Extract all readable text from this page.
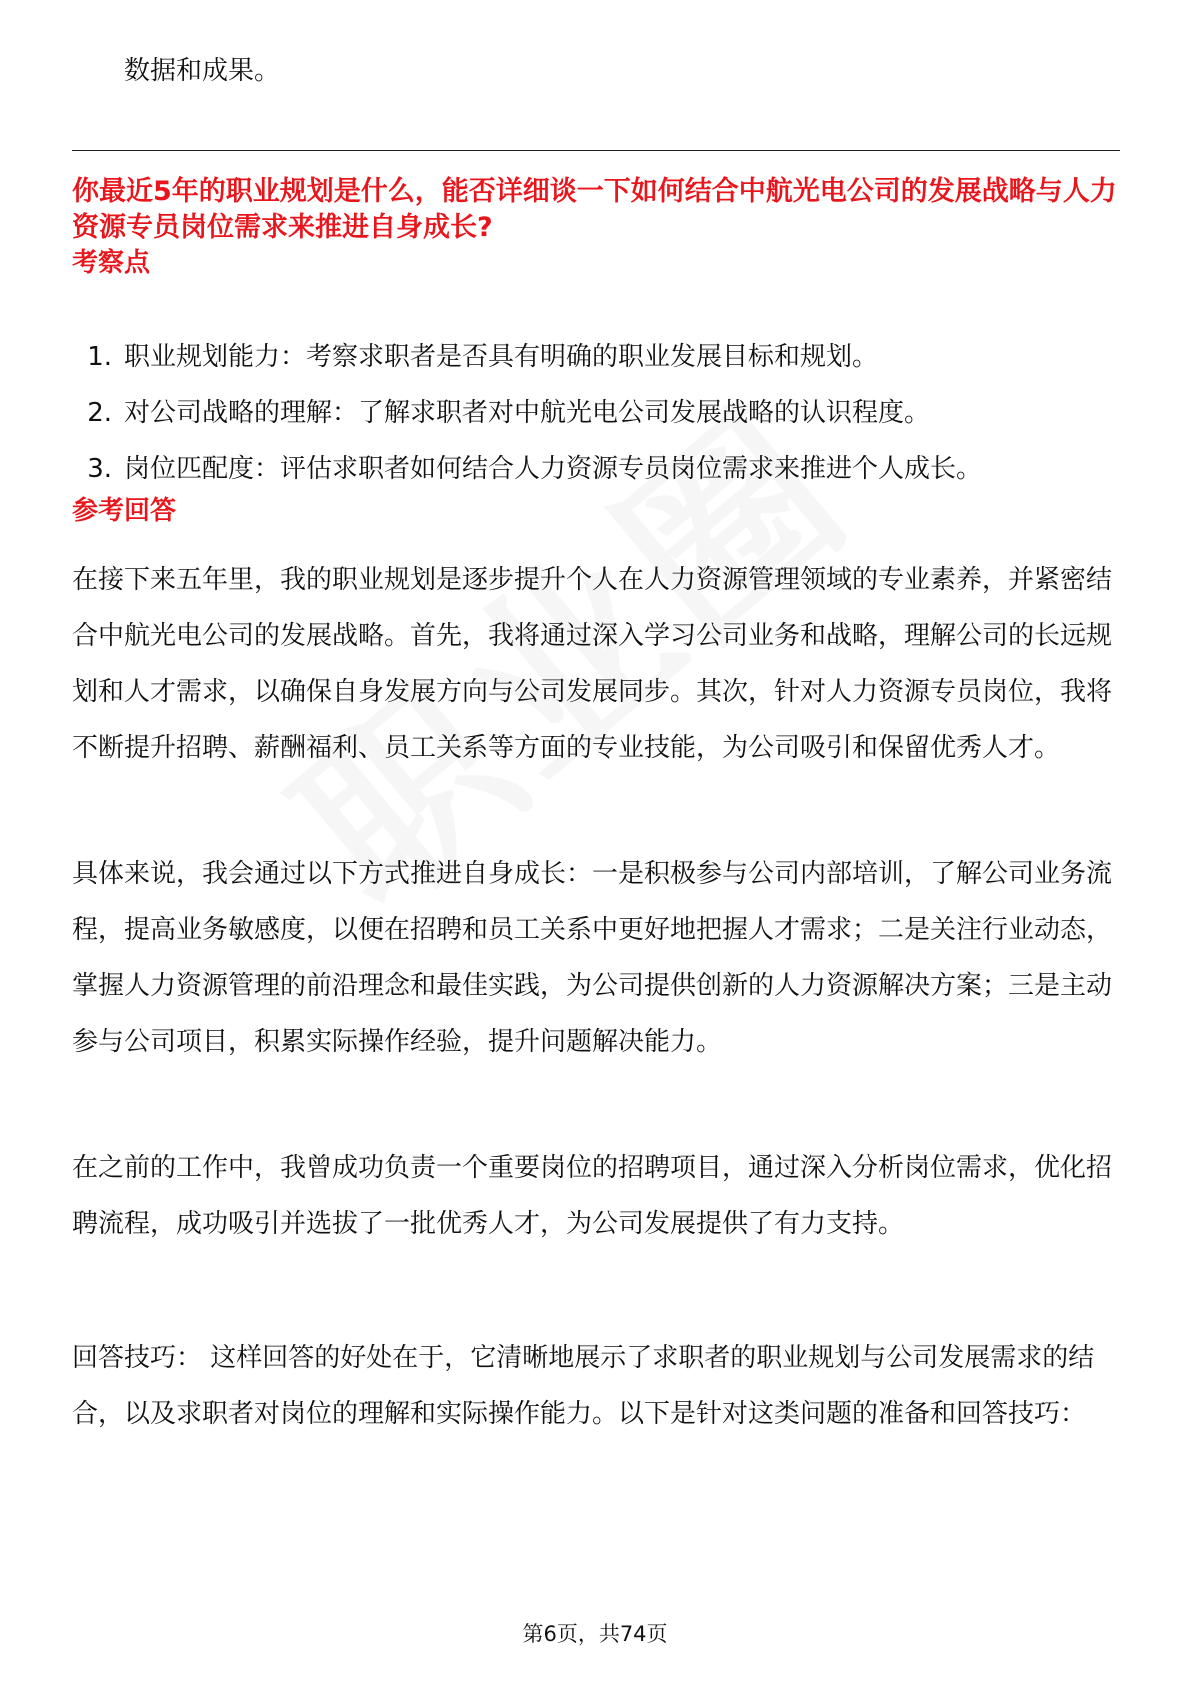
数据和成果。
你最近5年的职业规划是什么，能否详细谈一下如何结合中航光电公司的发展战略与人力资源专员岗位需求来推进自身成长?
考察点
1. 职业规划能力：考察求职者是否具有明确的职业发展目标和规划。
2. 对公司战略的理解：了解求职者对中航光电公司发展战略的认识程度。
3. 岗位匹配度：评估求职者如何结合人力资源专员岗位需求来推进个人成长。
参考回答

在接下来五年里，我的职业规划是逐步提升个人在人力资源管理领域的专业素养，并紧密结合中航光电公司的发展战略。首先，我将通过深入学习公司业务和战略，理解公司的长远规划和人才需求，以确保自身发展方向与公司发展同步。其次，针对人力资源专员岗位，我将不断提升招聘、薪酬福利、员工关系等方面的专业技能，为公司吸引和保留优秀人才。

具体来说，我会通过以下方式推进自身成长：一是积极参与公司内部培训，了解公司业务流程，提高业务敏感度，以便在招聘和员工关系中更好地把握人才需求；二是关注行业动态，掌握人力资源管理的前沿理念和最佳实践，为公司提供创新的人力资源解决方案；三是主动参与公司项目，积累实际操作经验，提升问题解决能力。

在之前的工作中，我曾成功负责一个重要岗位的招聘项目，通过深入分析岗位需求，优化招聘流程，成功吸引并选拔了一批优秀人才，为公司发展提供了有力支持。

回答技巧： 这样回答的好处在于，它清晰地展示了求职者的职业规划与公司发展需求的结合，以及求职者对岗位的理解和实际操作能力。以下是针对这类问题的准备和回答技巧：

第6页，共74页
